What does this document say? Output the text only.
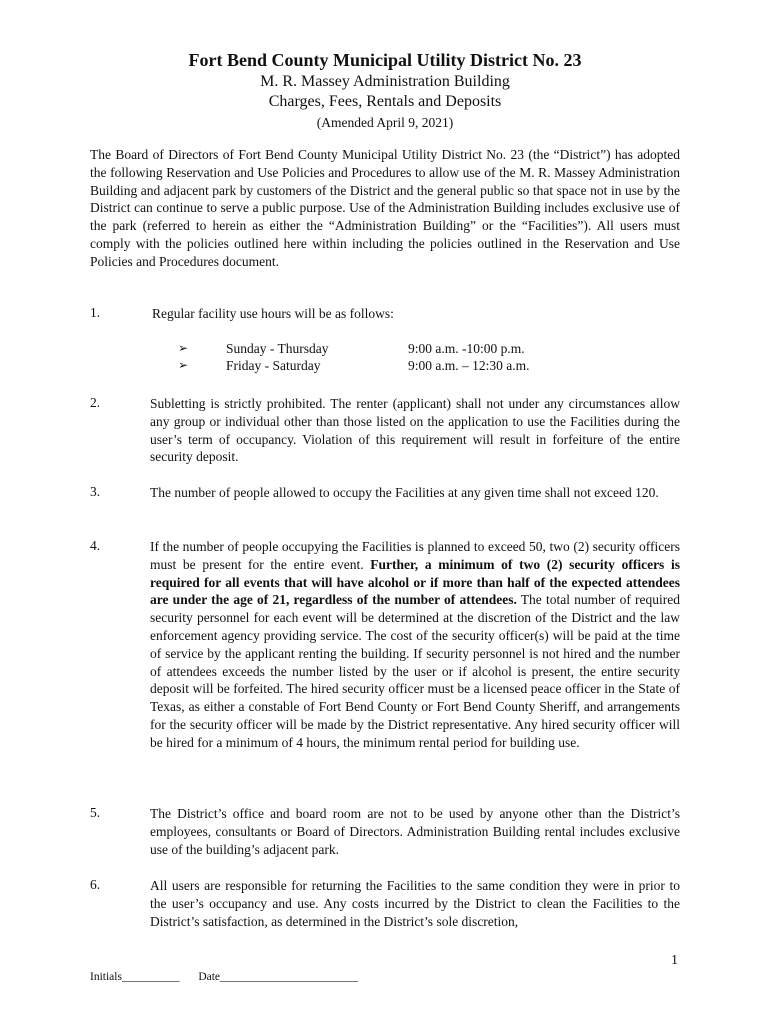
Fort Bend County Municipal Utility District No. 23
M. R. Massey Administration Building
Charges, Fees, Rentals and Deposits
(Amended April 9, 2021)
The Board of Directors of Fort Bend County Municipal Utility District No. 23 (the “District”) has adopted the following Reservation and Use Policies and Procedures to allow use of the M. R. Massey Administration Building and adjacent park by customers of the District and the general public so that space not in use by the District can continue to serve a public purpose. Use of the Administration Building includes exclusive use of the park (referred to herein as either the “Administration Building” or the “Facilities”). All users must comply with the policies outlined here within including the policies outlined in the Reservation and Use Policies and Procedures document.
1.	Regular facility use hours will be as follows:
➢	Sunday - Thursday	9:00 a.m. -10:00 p.m.
➢	Friday - Saturday	9:00 a.m. – 12:30 a.m.
2.	Subletting is strictly prohibited. The renter (applicant) shall not under any circumstances allow any group or individual other than those listed on the application to use the Facilities during the user’s term of occupancy. Violation of this requirement will result in forfeiture of the entire security deposit.
3.	The number of people allowed to occupy the Facilities at any given time shall not exceed 120.
4.	If the number of people occupying the Facilities is planned to exceed 50, two (2) security officers must be present for the entire event. Further, a minimum of two (2) security officers is required for all events that will have alcohol or if more than half of the expected attendees are under the age of 21, regardless of the number of attendees. The total number of required security personnel for each event will be determined at the discretion of the District and the law enforcement agency providing service. The cost of the security officer(s) will be paid at the time of service by the applicant renting the building. If security personnel is not hired and the number of attendees exceeds the number listed by the user or if alcohol is present, the entire security deposit will be forfeited. The hired security officer must be a licensed peace officer in the State of Texas, as either a constable of Fort Bend County or Fort Bend County Sheriff, and arrangements for the security officer will be made by the District representative. Any hired security officer will be hired for a minimum of 4 hours, the minimum rental period for building use.
5.	The District’s office and board room are not to be used by anyone other than the District’s employees, consultants or Board of Directors. Administration Building rental includes exclusive use of the building’s adjacent park.
6.	All users are responsible for returning the Facilities to the same condition they were in prior to the user’s occupancy and use. Any costs incurred by the District to clean the Facilities to the District’s satisfaction, as determined in the District’s sole discretion,
1
Initials__________ Date________________________
